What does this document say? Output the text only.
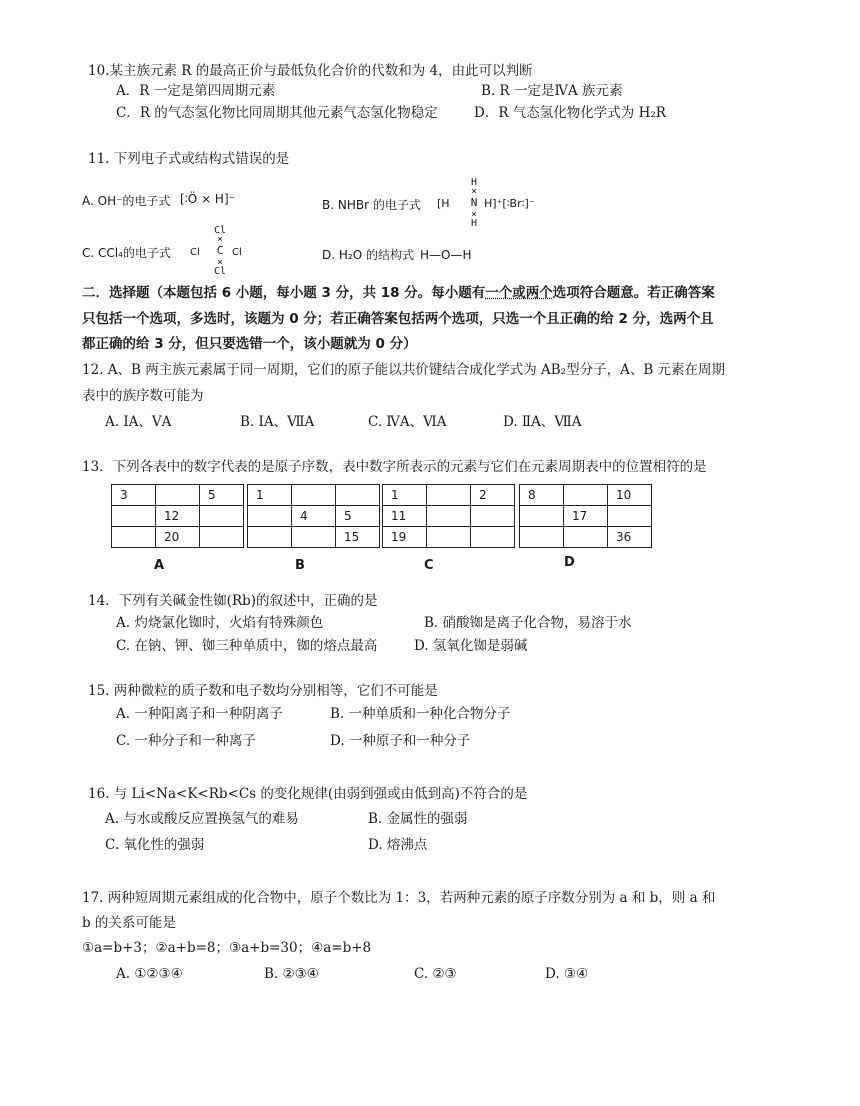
10.某主族元素 R 的最高正价与最低负化合价的代数和为 4，由此可以判断
A．R 一定是第四周期元素	B. R 一定是ⅣA 族元素
C．R 的气态氢化物比同周期其他元素气态氢化物稳定	D．R 气态氢化物化学式为 H₂R
11. 下列电子式或结构式错误的是
A. OH⁻的电子式 [∶Ö ⨯ H]⁻	B. NHBr 的电子式 [H
H
×
N
×
H
H]⁺[∶Br∶]⁻
C. CCl₄的电子式 Cl
Cl
×
C
×
Cl
Cl	D. H₂O 的结构式 H—O—H
二．选择题（本题包括 6 小题，每小题 3 分，共 18 分。每小题有一个或两个选项符合题意。若正确答案
只包括一个选项，多选时，该题为 0 分；若正确答案包括两个选项，只选一个且正确的给 2 分，选两个且
都正确的给 3 分，但只要选错一个，该小题就为 0 分）
12. A、B 两主族元素属于同一周期，它们的原子能以共价键结合成化学式为 AB₂型分子，A、B 元素在周期
表中的族序数可能为
A. ⅠA、ⅤA	B. ⅠA、ⅦA	C. ⅣA、ⅥA	D. ⅡA、ⅦA
13．下列各表中的数字代表的是原子序数，表中数字所表示的元素与它们在元素周期表中的位置相符的是
3		5
	12	
	20	
A
1		
	4	5
		15
B
1		2
11		
19		
C
8		10
	17	
		36
D
14．下列有关碱金性铷(Rb)的叙述中，正确的是
A. 灼烧氯化铷时，火焰有特殊颜色	B. 硝酸铷是离子化合物，易溶于水
C. 在钠、钾、铷三种单质中，铷的熔点最高	D. 氢氧化铷是弱碱
15. 两种微粒的质子数和电子数均分别相等，它们不可能是
A. 一种阳离子和一种阴离子	B. 一种单质和一种化合物分子
C. 一种分子和一种离子	D. 一种原子和一种分子
16. 与 Li<Na<K<Rb<Cs 的变化规律(由弱到强或由低到高)不符合的是
A. 与水或酸反应置换氢气的难易	B. 金属性的强弱
C. 氧化性的强弱	D. 熔沸点
17. 两种短周期元素组成的化合物中，原子个数比为 1：3，若两种元素的原子序数分别为 a 和 b，则 a 和
b 的关系可能是
①a=b+3；②a+b=8；③a+b=30；④a=b+8
A. ①②③④	B. ②③④	C. ②③	D. ③④
